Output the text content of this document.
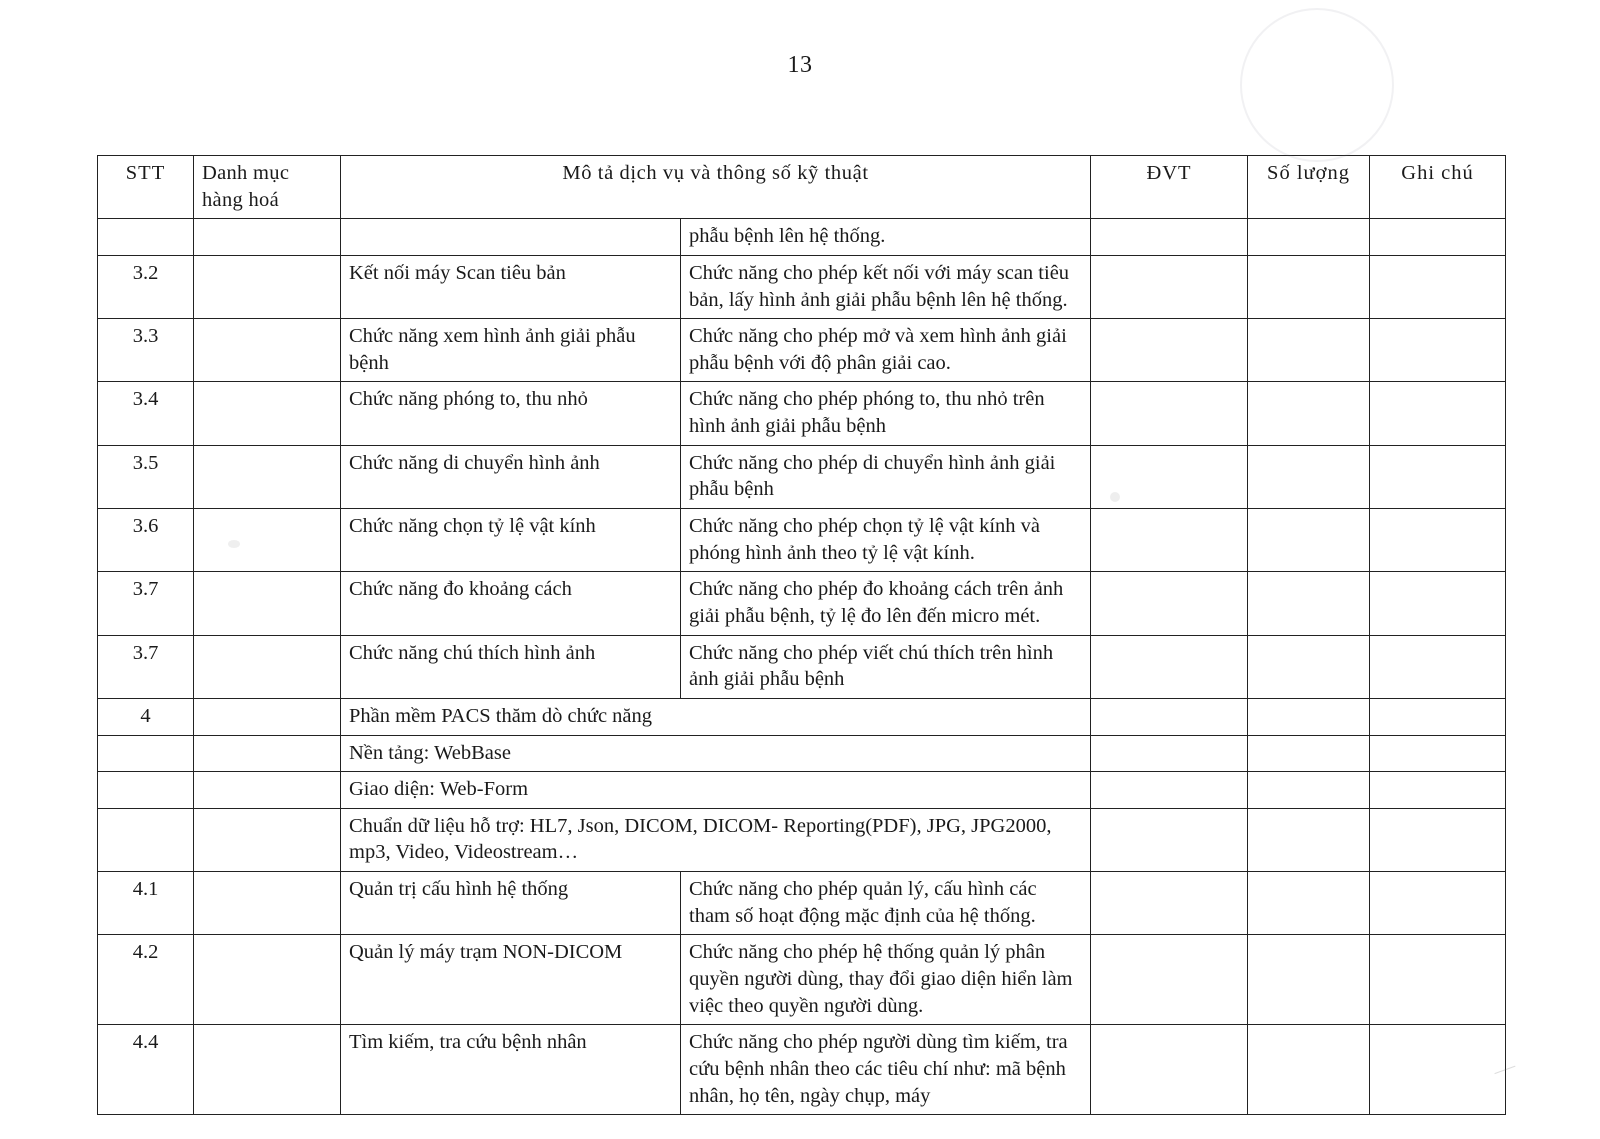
13
STT	Danh mục hàng hoá	Mô tả dịch vụ và thông số kỹ thuật		ĐVT	Số lượng	Ghi chú
			phẫu bệnh lên hệ thống.			
3.2		Kết nối máy Scan tiêu bản	Chức năng cho phép kết nối với máy scan tiêu bản, lấy hình ảnh giải phẫu bệnh lên hệ thống.			
3.3		Chức năng xem hình ảnh giải phẫu bệnh	Chức năng cho phép mở và xem hình ảnh giải phẫu bệnh với độ phân giải cao.			
3.4		Chức năng phóng to, thu nhỏ	Chức năng cho phép phóng to, thu nhỏ trên hình ảnh giải phẫu bệnh			
3.5		Chức năng di chuyển hình ảnh	Chức năng cho phép di chuyển hình ảnh giải phẫu bệnh			
3.6		Chức năng chọn tỷ lệ vật kính	Chức năng cho phép chọn tỷ lệ vật kính và phóng hình ảnh theo tỷ lệ vật kính.			
3.7		Chức năng đo khoảng cách	Chức năng cho phép đo khoảng cách trên ảnh giải phẫu bệnh, tỷ lệ đo lên đến micro mét.			
3.7		Chức năng chú thích hình ảnh	Chức năng cho phép viết chú thích trên hình ảnh giải phẫu bệnh			
4		Phần mềm PACS thăm dò chức năng				
		Nền tảng: WebBase				
		Giao diện: Web-Form				
		Chuẩn dữ liệu hỗ trợ: HL7, Json, DICOM, DICOM- Reporting(PDF), JPG, JPG2000, mp3, Video, Videostream…				
4.1		Quản trị cấu hình hệ thống	Chức năng cho phép quản lý, cấu hình các tham số hoạt động mặc định của hệ thống.			
4.2		Quản lý máy trạm NON-DICOM	Chức năng cho phép hệ thống quản lý phân quyền người dùng, thay đổi giao diện hiển làm việc theo quyền người dùng.			
4.4		Tìm kiếm, tra cứu bệnh nhân	Chức năng cho phép người dùng tìm kiếm, tra cứu bệnh nhân theo các tiêu chí như: mã bệnh nhân, họ tên, ngày chụp, máy			
